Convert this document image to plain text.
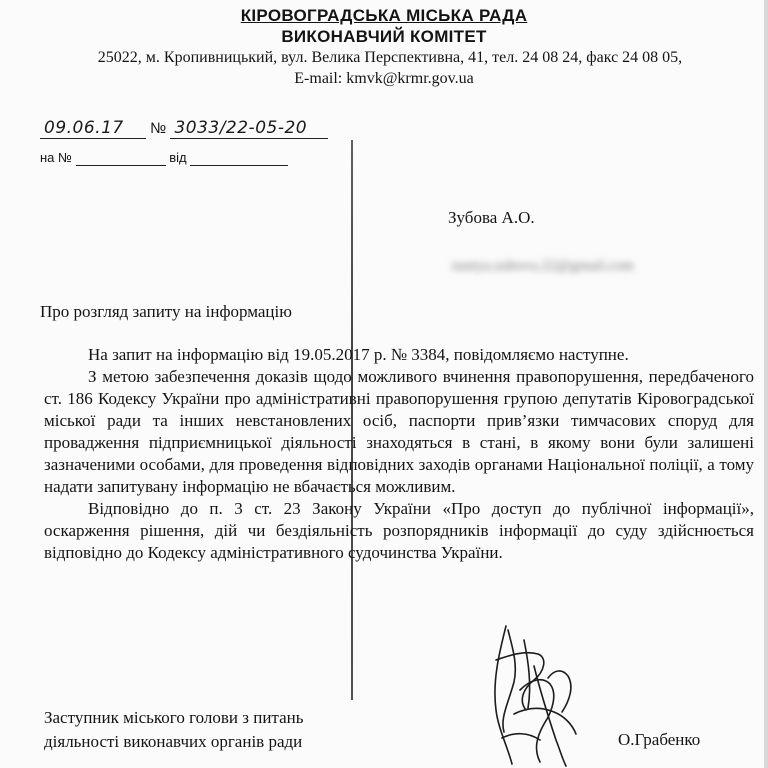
КІРОВОГРАДСЬКА МІСЬКА РАДА
ВИКОНАВЧИЙ КОМІТЕТ
25022, м. Кропивницький, вул. Велика Перспективна, 41, тел. 24 08 24, факс 24 08 05,
E-mail: kmvk@krmr.gov.ua
09.06.17 № 3033/22-05-20
на №	від
Зубова А.О.
nastya.zubova.22@gmail.com
Про розгляд запиту на інформацію

На запит на інформацію від 19.05.2017 р. № 3384, повідомляємо наступне.

З метою забезпечення доказів щодо можливого вчинення правопорушення, передбаченого ст. 186 Кодексу України про адміністративні правопорушення групою депутатів Кіровоградської міської ради та інших невстановлених осіб, паспорти прив’язки тимчасових споруд для провадження підприємницької діяльності знаходяться в стані, в якому вони були залишені зазначеними особами, для проведення відповідних заходів органами Національної поліції, а тому надати запитувану інформацію не вбачається можливим.

Відповідно до п. 3 ст. 23 Закону України «Про доступ до публічної інформації», оскарження рішення, дій чи бездіяльність розпорядників інформації до суду здійснюється відповідно до Кодексу адміністративного судочинства України.

Заступник міського голови з питань
діяльності виконавчих органів ради	О.Грабенко
